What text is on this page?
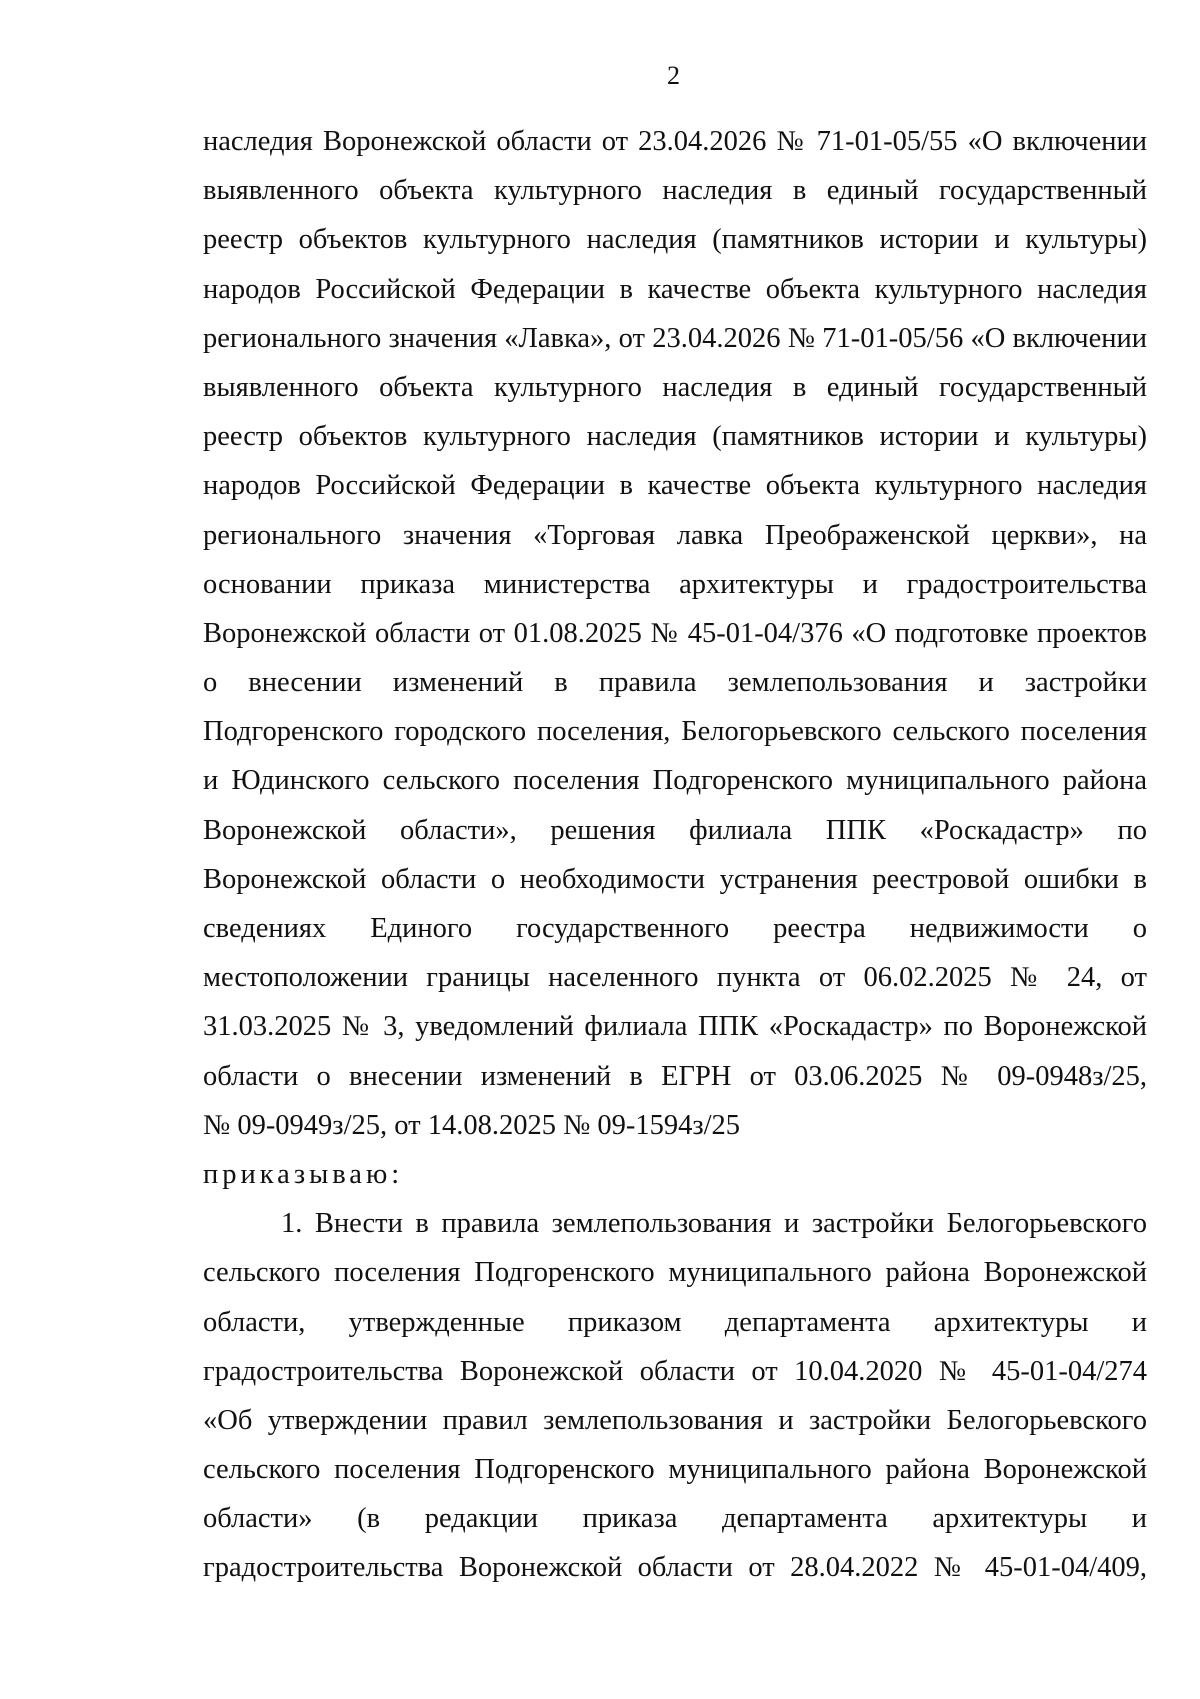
2
наследия Воронежской области от 23.04.2026 № 71-01-05/55 «О включении
выявленного объекта культурного наследия в единый государственный
реестр объектов культурного наследия (памятников истории и культуры)
народов Российской Федерации в качестве объекта культурного наследия
регионального значения «Лавка», от 23.04.2026 № 71-01-05/56 «О включении
выявленного объекта культурного наследия в единый государственный
реестр объектов культурного наследия (памятников истории и культуры)
народов Российской Федерации в качестве объекта культурного наследия
регионального значения «Торговая лавка Преображенской церкви», на
основании приказа министерства архитектуры и градостроительства
Воронежской области от 01.08.2025 № 45-01-04/376 «О подготовке проектов
о внесении изменений в правила землепользования и застройки
Подгоренского городского поселения, Белогорьевского сельского поселения
и Юдинского сельского поселения Подгоренского муниципального района
Воронежской области», решения филиала ППК «Роскадастр» по
Воронежской области о необходимости устранения реестровой ошибки в
сведениях Единого государственного реестра недвижимости о
местоположении границы населенного пункта от 06.02.2025 № 24, от
31.03.2025 № 3, уведомлений филиала ППК «Роскадастр» по Воронежской
области о внесении изменений в ЕГРН от 03.06.2025 № 09-0948з/25,
№ 09-0949з/25, от 14.08.2025 № 09-1594з/25
приказываю:
1. Внести в правила землепользования и застройки Белогорьевского
сельского поселения Подгоренского муниципального района Воронежской
области, утвержденные приказом департамента архитектуры и
градостроительства Воронежской области от 10.04.2020 № 45-01-04/274
«Об утверждении правил землепользования и застройки Белогорьевского
сельского поселения Подгоренского муниципального района Воронежской
области» (в редакции приказа департамента архитектуры и
градостроительства Воронежской области от 28.04.2022 № 45-01-04/409,
